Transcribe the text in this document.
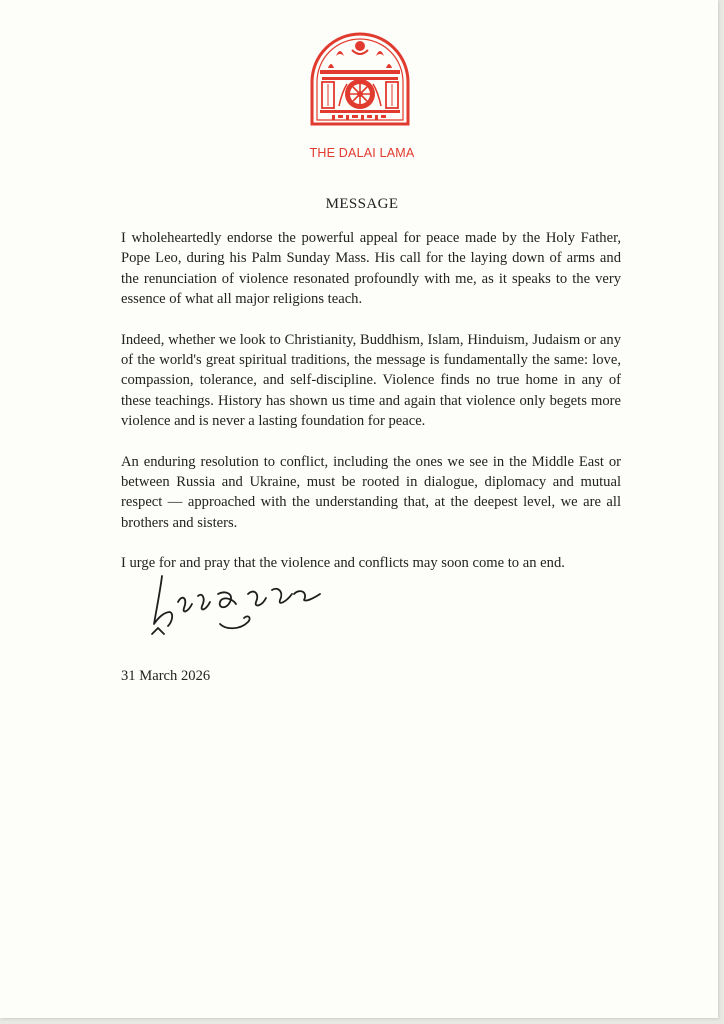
THE DALAI LAMA
MESSAGE

I wholeheartedly endorse the powerful appeal for peace made by the Holy Father, Pope Leo, during his Palm Sunday Mass. His call for the laying down of arms and the renunciation of violence resonated profoundly with me, as it speaks to the very essence of what all major religions teach.

Indeed, whether we look to Christianity, Buddhism, Islam, Hinduism, Judaism or any of the world's great spiritual traditions, the message is fundamentally the same: love, compassion, tolerance, and self-discipline. Violence finds no true home in any of these teachings. History has shown us time and again that violence only begets more violence and is never a lasting foundation for peace.

An enduring resolution to conflict, including the ones we see in the Middle East or between Russia and Ukraine, must be rooted in dialogue, diplomacy and mutual respect — approached with the understanding that, at the deepest level, we are all brothers and sisters.

I urge for and pray that the violence and conflicts may soon come to an end.

31 March 2026
